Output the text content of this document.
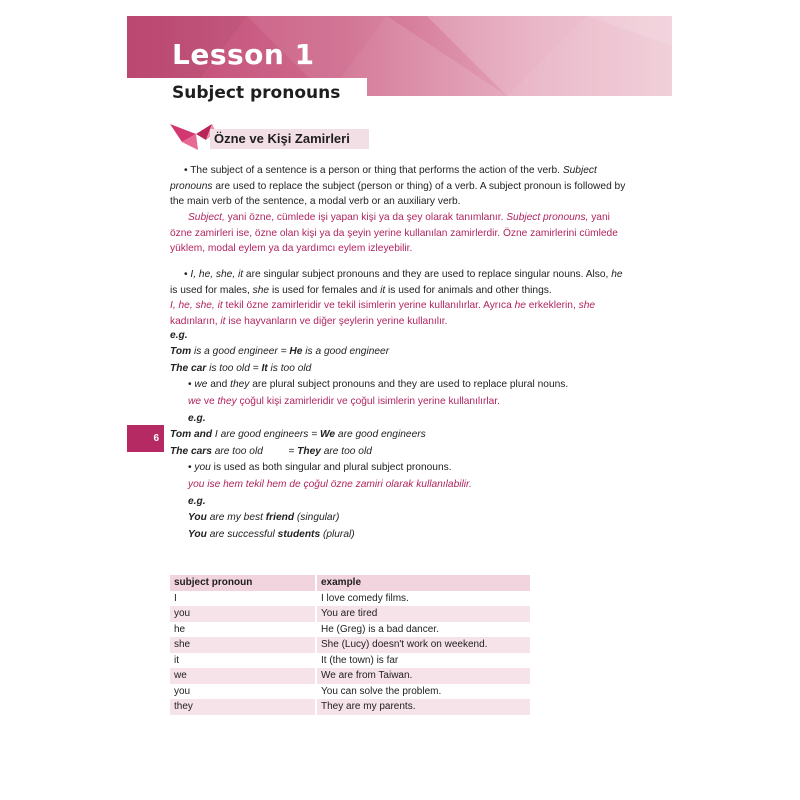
Lesson 1
Subject pronouns
Özne ve Kişi Zamirleri

• The subject of a sentence is a person or thing that performs the action of the verb. Subject pronouns are used to replace the subject (person or thing) of a verb. A subject pronoun is followed by the main verb of the sentence, a modal verb or an auxiliary verb.

Subject, yani özne, cümlede işi yapan kişi ya da şey olarak tanımlanır. Subject pronouns, yani özne zamirleri ise, özne olan kişi ya da şeyin yerine kullanılan zamirlerdir. Özne zamirlerini cümlede yüklem, modal eylem ya da yardımcı eylem izleyebilir.

• I, he, she, it are singular subject pronouns and they are used to replace singular nouns. Also, he is used for males, she is used for females and it is used for animals and other things.

I, he, she, it tekil özne zamirleridir ve tekil isimlerin yerine kullanılırlar. Ayrıca he erkeklerin, she kadınların, it ise hayvanların ve diğer şeylerin yerine kullanılır.

e.g.

Tom is a good engineer = He is a good engineer

The car is too old = It is too old

• we and they are plural subject pronouns and they are used to replace plural nouns.

we ve they çoğul kişi zamirleridir ve çoğul isimlerin yerine kullanılırlar.

e.g.

6	Tom and I are good engineers = We are good engineers

The cars are too old         = They are too old

• you is used as both singular and plural subject pronouns.

you ise hem tekil hem de çoğul özne zamiri olarak kullanılabilir.

e.g.

You are my best friend (singular)

You are successful students (plural)

subject pronoun	example
I	I love comedy films.
you	You are tired
he	He (Greg) is a bad dancer.
she	She (Lucy) doesn't work on weekend.
it	It (the town) is far
we	We are from Taiwan.
you	You can solve the problem.
they	They are my parents.
